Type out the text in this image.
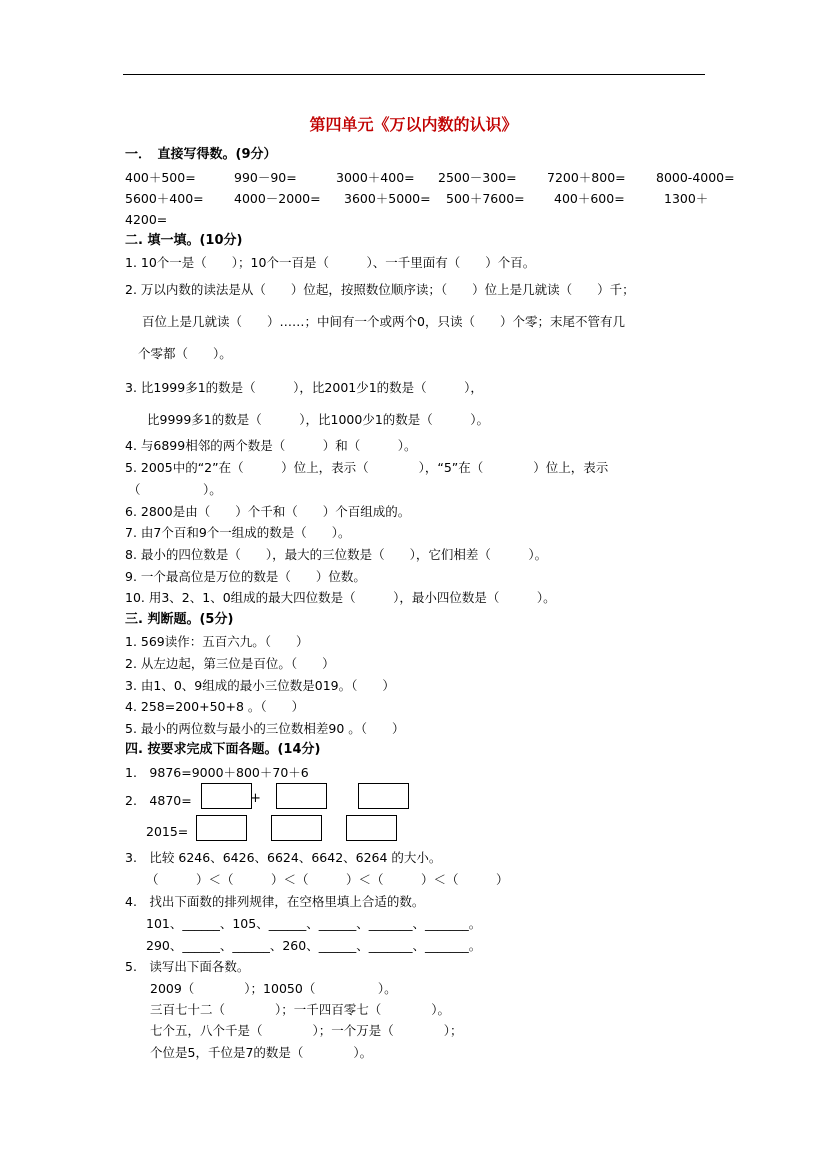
第四单元《万以内数的认识》
一．　直接写得数。(9分）
400＋500=	990－90=	3000＋400= 2500－300= 7200＋800= 8000-4000=
5600＋400= 4000－2000= 3600＋5000= 500＋7600= 400＋600=	1300＋
4200=
二. 填一填。(10分)
1. 10个一是（　　）；10个一百是（　　　）、一千里面有（　　）个百。
2. 万以内数的读法是从（　　）位起，按照数位顺序读；（　　）位上是几就读（　　）千；
百位上是几就读（　　）……；中间有一个或两个0，只读（　　）个零；末尾不管有几
个零都（　　）。
3. 比1999多1的数是（　　　），比2001少1的数是（　　　），
比9999多1的数是（　　　），比1000少1的数是（　　　）。
4. 与6899相邻的两个数是（　　　）和（　　　）。
5. 2005中的“2”在（　　　）位上，表示（　　　　），“5”在（　　　　）位上，表示
（　　　　　）。
6. 2800是由（　　）个千和（　　）个百组成的。
7. 由7个百和9个一组成的数是（　　）。
8. 最小的四位数是（　　），最大的三位数是（　　），它们相差（　　　）。
9. 一个最高位是万位的数是（　　）位数。
10. 用3、2、1、0组成的最大四位数是（　　　），最小四位数是（　　　）。
三. 判断题。(5分)
1. 569读作：五百六九。（　　）
2. 从左边起，第三位是百位。（　　）
3. 由1、0、9组成的最小三位数是019。（　　）
4. 258=200+50+8 。（　　）
5. 最小的两位数与最小的三位数相差90 。（　　）
四. 按要求完成下面各题。(14分)
1.　9876=9000＋800＋70＋6
2.　4870=	+
2015=
3.　比较 6246、6426、6624、6642、6264 的大小。
（　　　）＜（　　　）＜（　　　）＜（　　　）＜（　　　）
4.　找出下面数的排列规律，在空格里填上合适的数。
101、______、105、______、______、_______、_______。
290、______、______、260、______、_______、_______。
5.　读写出下面各数。
2009（　　　　）；10050（　　　　　）。
三百七十二（　　　　）；一千四百零七（　　　　）。
七个五，八个千是（　　　　）；一个万是（　　　　）；
个位是5，千位是7的数是（　　　　）。
